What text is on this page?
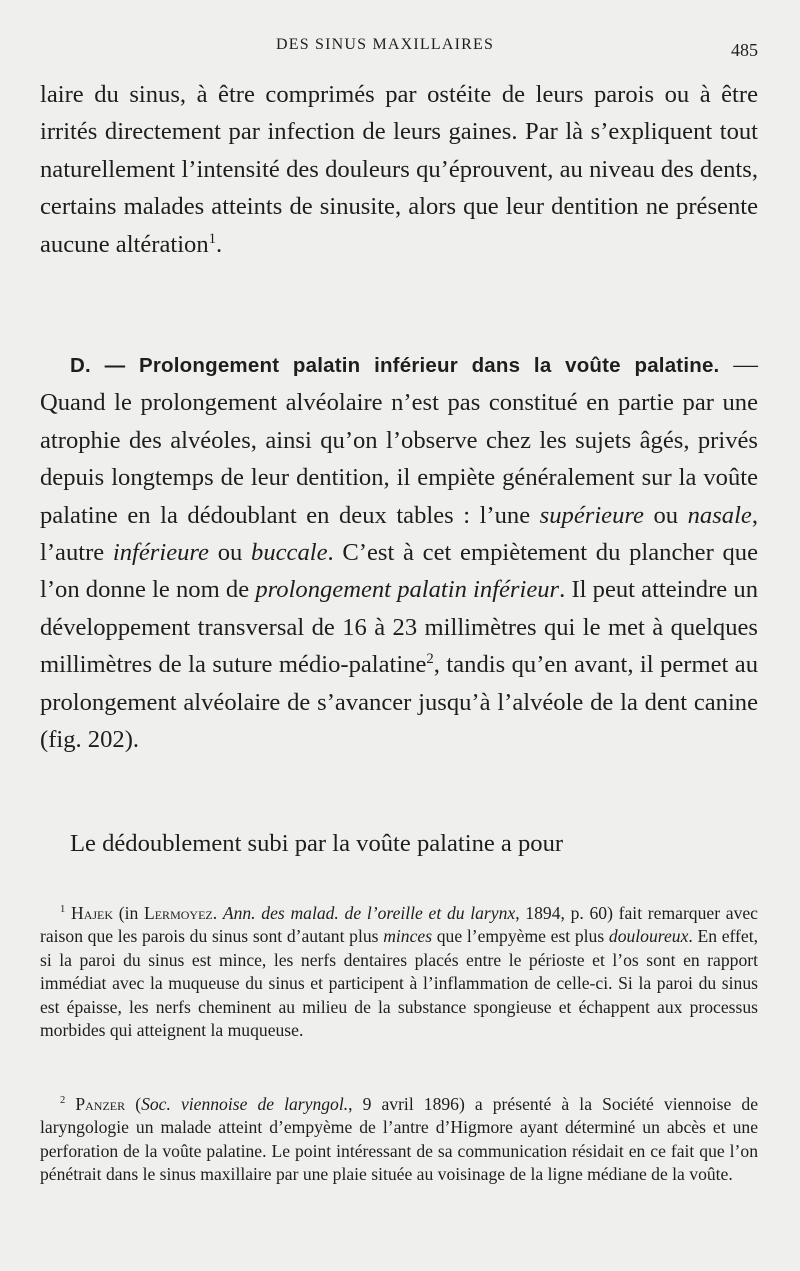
DES SINUS MAXILLAIRES	485

laire du sinus, à être comprimés par ostéite de leurs parois ou à être irrités directement par infection de leurs gaines. Par là s’expliquent tout naturellement l’intensité des douleurs qu’éprouvent, au niveau des dents, certains malades atteints de sinusite, alors que leur dentition ne présente aucune altération$^1$.

D. — Prolongement palatin inférieur dans la voûte palatine. — Quand le prolongement alvéolaire n’est pas constitué en partie par une atrophie des alvéoles, ainsi qu’on l’observe chez les sujets âgés, privés depuis longtemps de leur dentition, il empiète généralement sur la voûte palatine en la dédoublant en deux tables : l’une supérieure ou nasale, l’autre inférieure ou buccale. C’est à cet empiètement du plancher que l’on donne le nom de prolongement palatin inférieur. Il peut atteindre un développement transversal de 16 à 23 millimètres qui le met à quelques millimètres de la suture médio-palatine$^2$, tandis qu’en avant, il permet au prolongement alvéolaire de s’avancer jusqu’à l’alvéole de la dent canine (fig. 202).

Le dédoublement subi par la voûte palatine a pour

$^1$ Hajek (in Lermoyez. Ann. des malad. de l’oreille et du larynx, 1894, p. 60) fait remarquer avec raison que les parois du sinus sont d’autant plus minces que l’empyème est plus douloureux. En effet, si la paroi du sinus est mince, les nerfs dentaires placés entre le périoste et l’os sont en rapport immédiat avec la muqueuse du sinus et participent à l’inflammation de celle-ci. Si la paroi du sinus est épaisse, les nerfs cheminent au milieu de la substance spongieuse et échappent aux processus morbides qui atteignent la muqueuse.

$^2$ Panzer (Soc. viennoise de laryngol., 9 avril 1896) a présenté à la Société viennoise de laryngologie un malade atteint d’empyème de l’antre d’Higmore ayant déterminé un abcès et une perforation de la voûte palatine. Le point intéressant de sa communication résidait en ce fait que l’on pénétrait dans le sinus maxillaire par une plaie située au voisinage de la ligne médiane de la voûte.
